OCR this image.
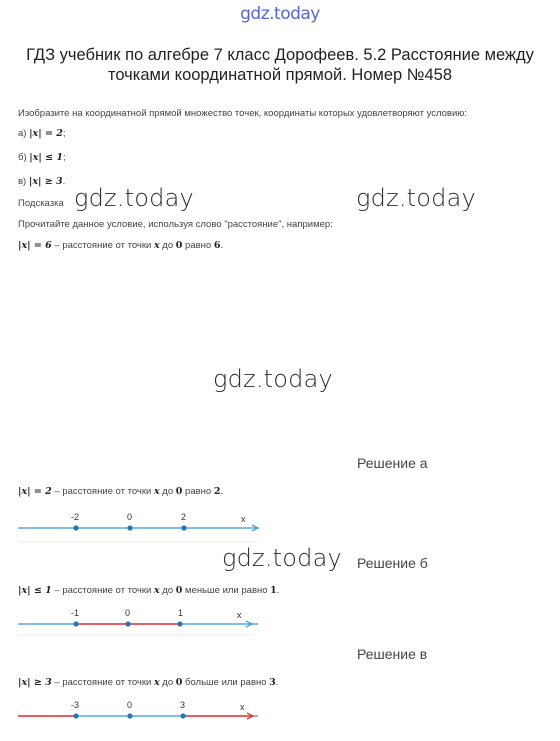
gdz.today
ГДЗ учебник по алгебре 7 класс Дорофеев. 5.2 Расстояние между точками координатной прямой. Номер №458
Изобразите на координатной прямой множество точек, координаты которых удовлетворяют условию:
а) |x| = 2;
б) |x| ≤ 1;
в) |x| ≥ 3.
Подсказка
Прочитайте данное условие, используя слово "расстояние", например:
|x| = 6 – расстояние от точки x до 0 равно 6.
gdz.today	gdz.today
gdz.today
gdz.today
Решение а
|x| = 2 – расстояние от точки x до 0 равно 2.
x
-2	0	2
Решение б
|x| ≤ 1 – расстояние от точки x до 0 меньше или равно 1.
x
-1	0	1
Решение в
|x| ≥ 3 – расстояние от точки x до 0 больше или равно 3.
x
-3	0	3
